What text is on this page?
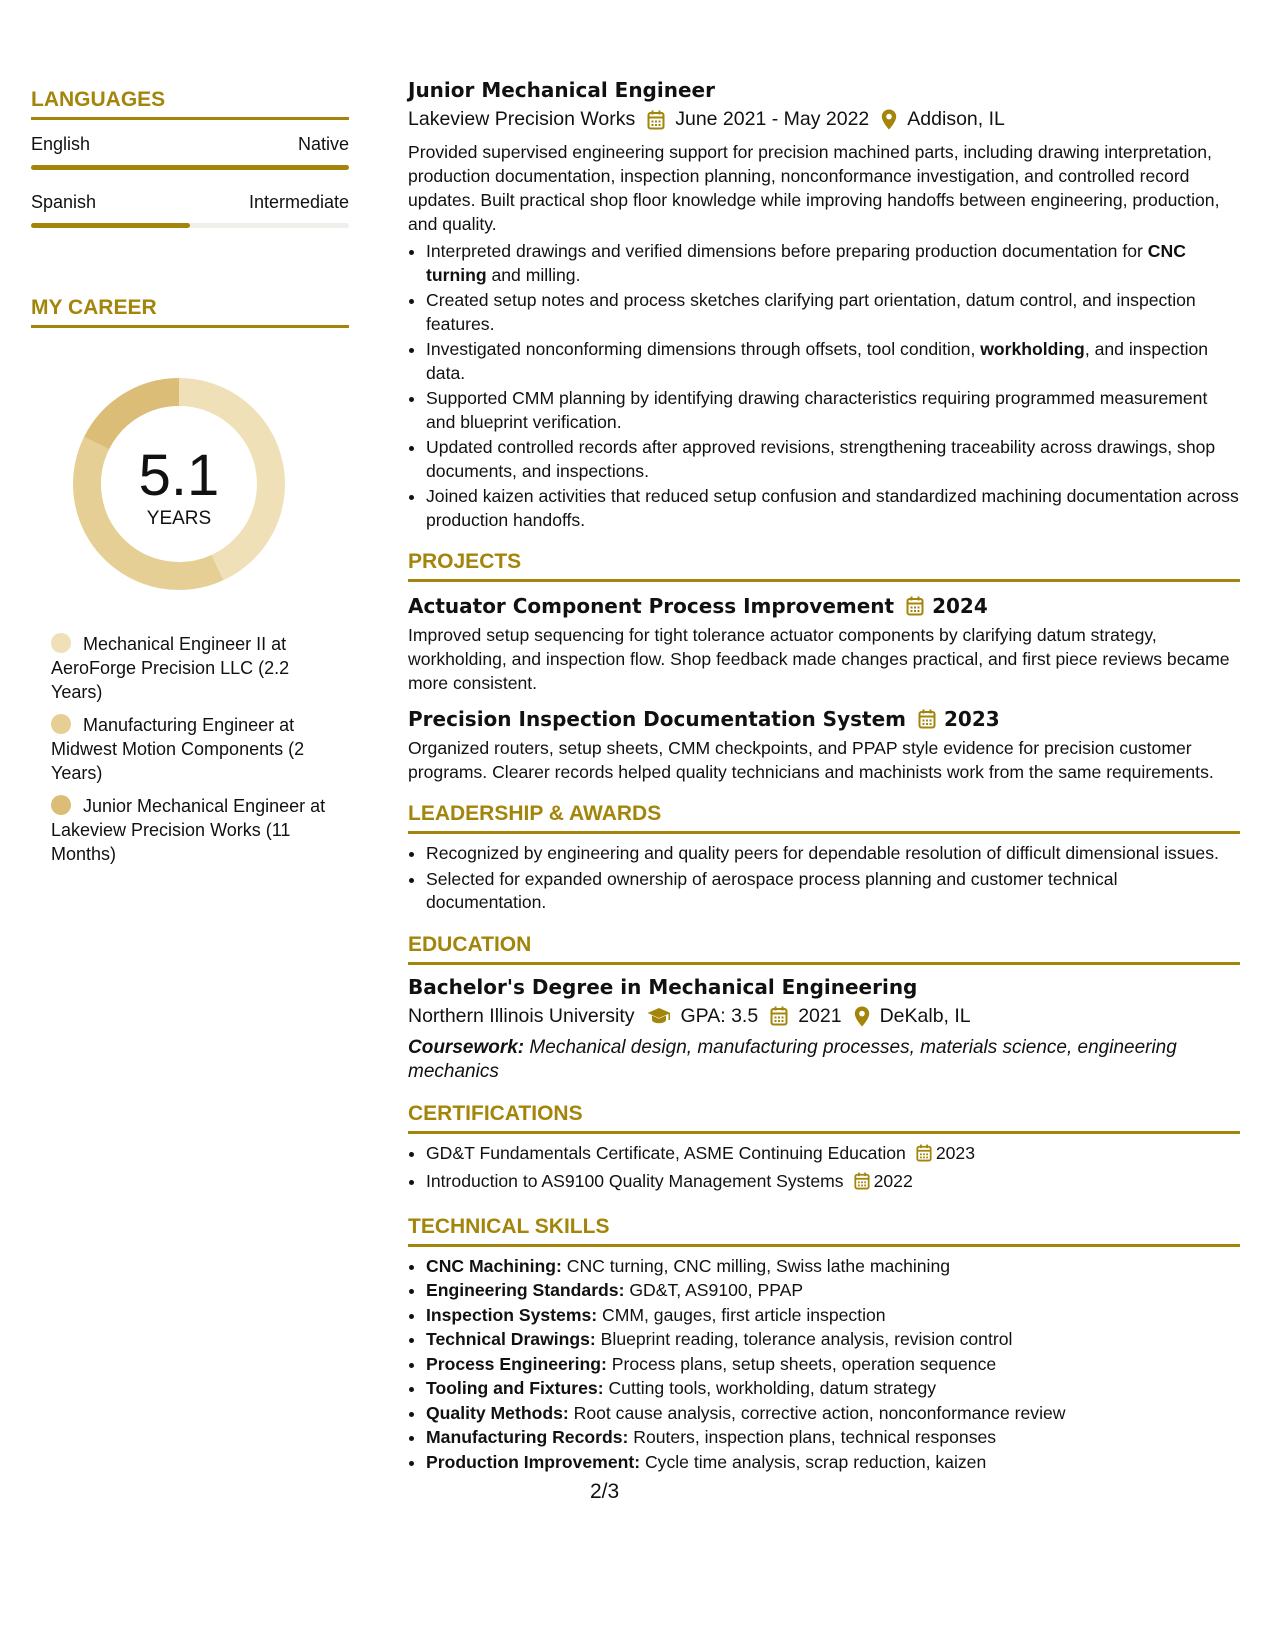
LANGUAGES
English	Native
Spanish	Intermediate
MY CAREER
5.1
YEARS
Mechanical Engineer II at AeroForge Precision LLC (2.2 Years)
Manufacturing Engineer at Midwest Motion Components (2 Years)
Junior Mechanical Engineer at Lakeview Precision Works (11 Months)
Junior Mechanical Engineer
Lakeview Precision Works June 2021 - May 2022 Addison, IL

Provided supervised engineering support for precision machined parts, including drawing interpretation, production documentation, inspection planning, nonconformance investigation, and controlled record updates. Built practical shop floor knowledge while improving handoffs between engineering, production, and quality.

• Interpreted drawings and verified dimensions before preparing production documentation for CNC turning and milling.
• Created setup notes and process sketches clarifying part orientation, datum control, and inspection features.
• Investigated nonconforming dimensions through offsets, tool condition, workholding, and inspection data.
• Supported CMM planning by identifying drawing characteristics requiring programmed measurement and blueprint verification.
• Updated controlled records after approved revisions, strengthening traceability across drawings, shop documents, and inspections.
• Joined kaizen activities that reduced setup confusion and standardized machining documentation across production handoffs.
PROJECTS
Actuator Component Process Improvement 2024

Improved setup sequencing for tight tolerance actuator components by clarifying datum strategy, workholding, and inspection flow. Shop feedback made changes practical, and first piece reviews became more consistent.

Precision Inspection Documentation System 2023

Organized routers, setup sheets, CMM checkpoints, and PPAP style evidence for precision customer programs. Clearer records helped quality technicians and machinists work from the same requirements.

LEADERSHIP & AWARDS
• Recognized by engineering and quality peers for dependable resolution of difficult dimensional issues.
• Selected for expanded ownership of aerospace process planning and customer technical documentation.
EDUCATION
Bachelor's Degree in Mechanical Engineering
Northern Illinois University GPA: 3.5 2021 DeKalb, IL
Coursework: Mechanical design, manufacturing processes, materials science, engineering mechanics
CERTIFICATIONS
• GD&T Fundamentals Certificate, ASME Continuing Education 2023
• Introduction to AS9100 Quality Management Systems 2022
TECHNICAL SKILLS
• CNC Machining: CNC turning, CNC milling, Swiss lathe machining
• Engineering Standards: GD&T, AS9100, PPAP
• Inspection Systems: CMM, gauges, first article inspection
• Technical Drawings: Blueprint reading, tolerance analysis, revision control
• Process Engineering: Process plans, setup sheets, operation sequence
• Tooling and Fixtures: Cutting tools, workholding, datum strategy
• Quality Methods: Root cause analysis, corrective action, nonconformance review
• Manufacturing Records: Routers, inspection plans, technical responses
• Production Improvement: Cycle time analysis, scrap reduction, kaizen
2/3
